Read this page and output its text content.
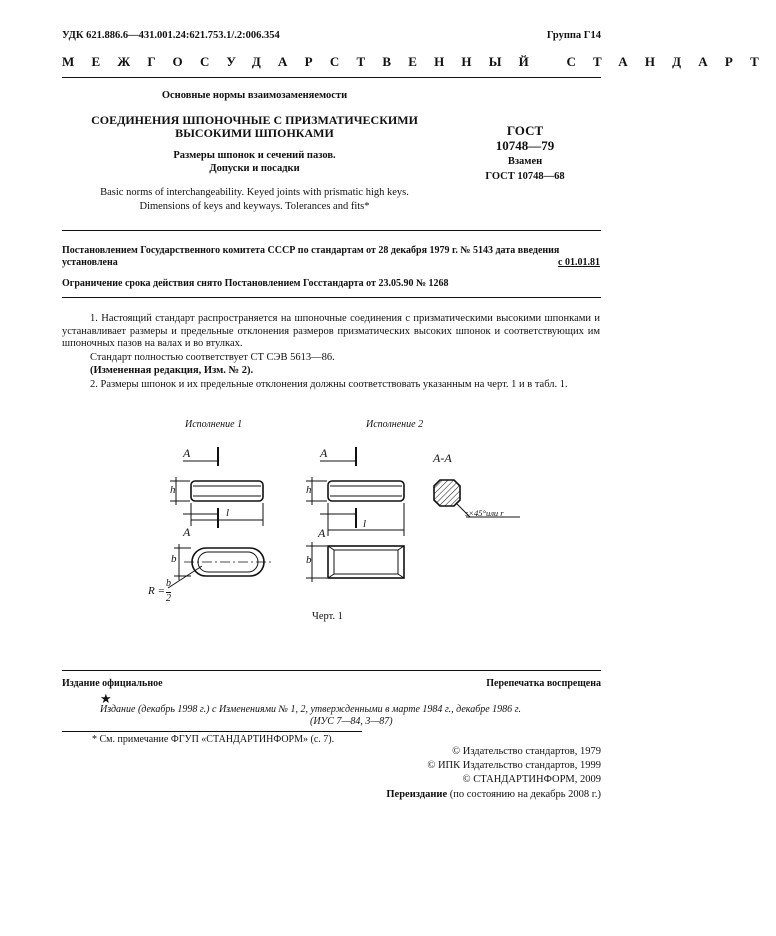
УДК 621.886.6—431.001.24:621.753.1/.2:006.354	Группа Г14
МЕЖГОСУДАРСТВЕННЫЙ СТАНДАРТ
Основные нормы взаимозаменяемости
СОЕДИНЕНИЯ ШПОНОЧНЫЕ С ПРИЗМАТИЧЕСКИМИ
ВЫСОКИМИ ШПОНКАМИ
Размеры шпонок и сечений пазов.
Допуски и посадки
Basic norms of interchangeability. Keyed joints with prismatic high keys.
Dimensions of keys and keyways. Tolerances and fits*
ГОСТ
10748—79
Взамен
ГОСТ 10748—68
Постановлением Государственного комитета СССР по стандартам от 28 декабря 1979 г. № 5143 дата введения
установлена	с 01.01.81
Ограничение срока действия снято Постановлением Госстандарта от 23.05.90 № 1268
1. Настоящий стандарт распространяется на шпоночные соединения с призматическими высокими шпонками и устанавливает размеры и предельные отклонения размеров призматических высоких шпонок и соответствующих им шпоночных пазов на валах и во втулках.
Стандарт полностью соответствует СТ СЭВ 5613—86.
(Измененная редакция, Изм. № 2).
2. Размеры шпонок и их предельные отклонения должны соответствовать указанным на черт. 1 и в табл. 1.
Исполнение 1	Исполнение 2
А
А
h
l
b
R =
b
2
А
А
h
l
b
А-А
s×45°или r
Черт. 1
Издание официальное	Перепечатка воспрещена
★
Издание (декабрь 1998 г.) с Изменениями № 1, 2, утвержденными в марте 1984 г., декабре 1986 г.
(ИУС 7—84, 3—87)
* См. примечание ФГУП «СТАНДАРТИНФОРМ» (с. 7).
© Издательство стандартов, 1979
© ИПК Издательство стандартов, 1999
© СТАНДАРТИНФОРМ, 2009
Переиздание (по состоянию на декабрь 2008 г.)
